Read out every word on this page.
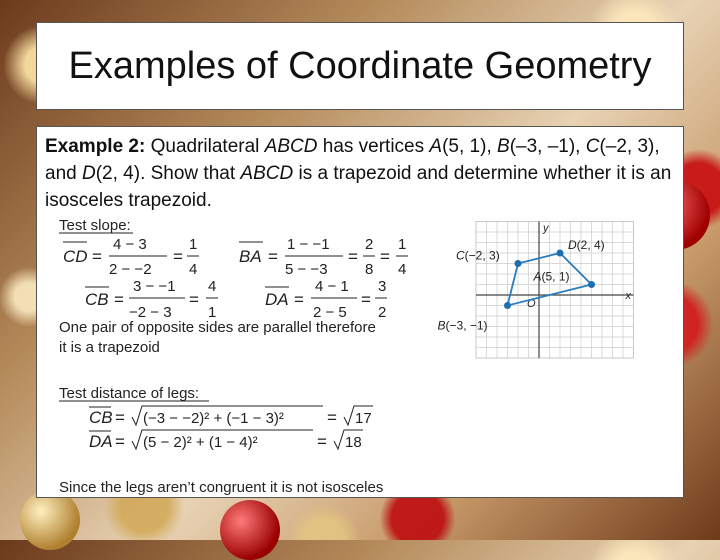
Examples of Coordinate Geometry
Example 2: Quadrilateral ABCD has vertices A(5, 1), B(–3, –1), C(–2, 3), and D(2, 4). Show that ABCD is a trapezoid and determine whether it is an isosceles trapezoid.
Test slope:
CD =
4 − 3
2 − −2
=
1
4
BA =
1 − −1
5 − −3
=
2
8
=
1
4
CB =
3 − −1
−2 − 3
=
4
1
DA =
4 − 1
2 − 5
=
3
2
One pair of opposite sides are parallel therefore
it is a trapezoid
Test distance of legs:
CB = (−3 − −2)² + (−1 − 3)²	= 17
DA = (5 − 2)² + (1 − 4)²	= 18
Since the legs aren’t congruent it is not isosceles
x
y
O
A(5, 1)
B(−3, −1)
C(−2, 3)
D(2, 4)
